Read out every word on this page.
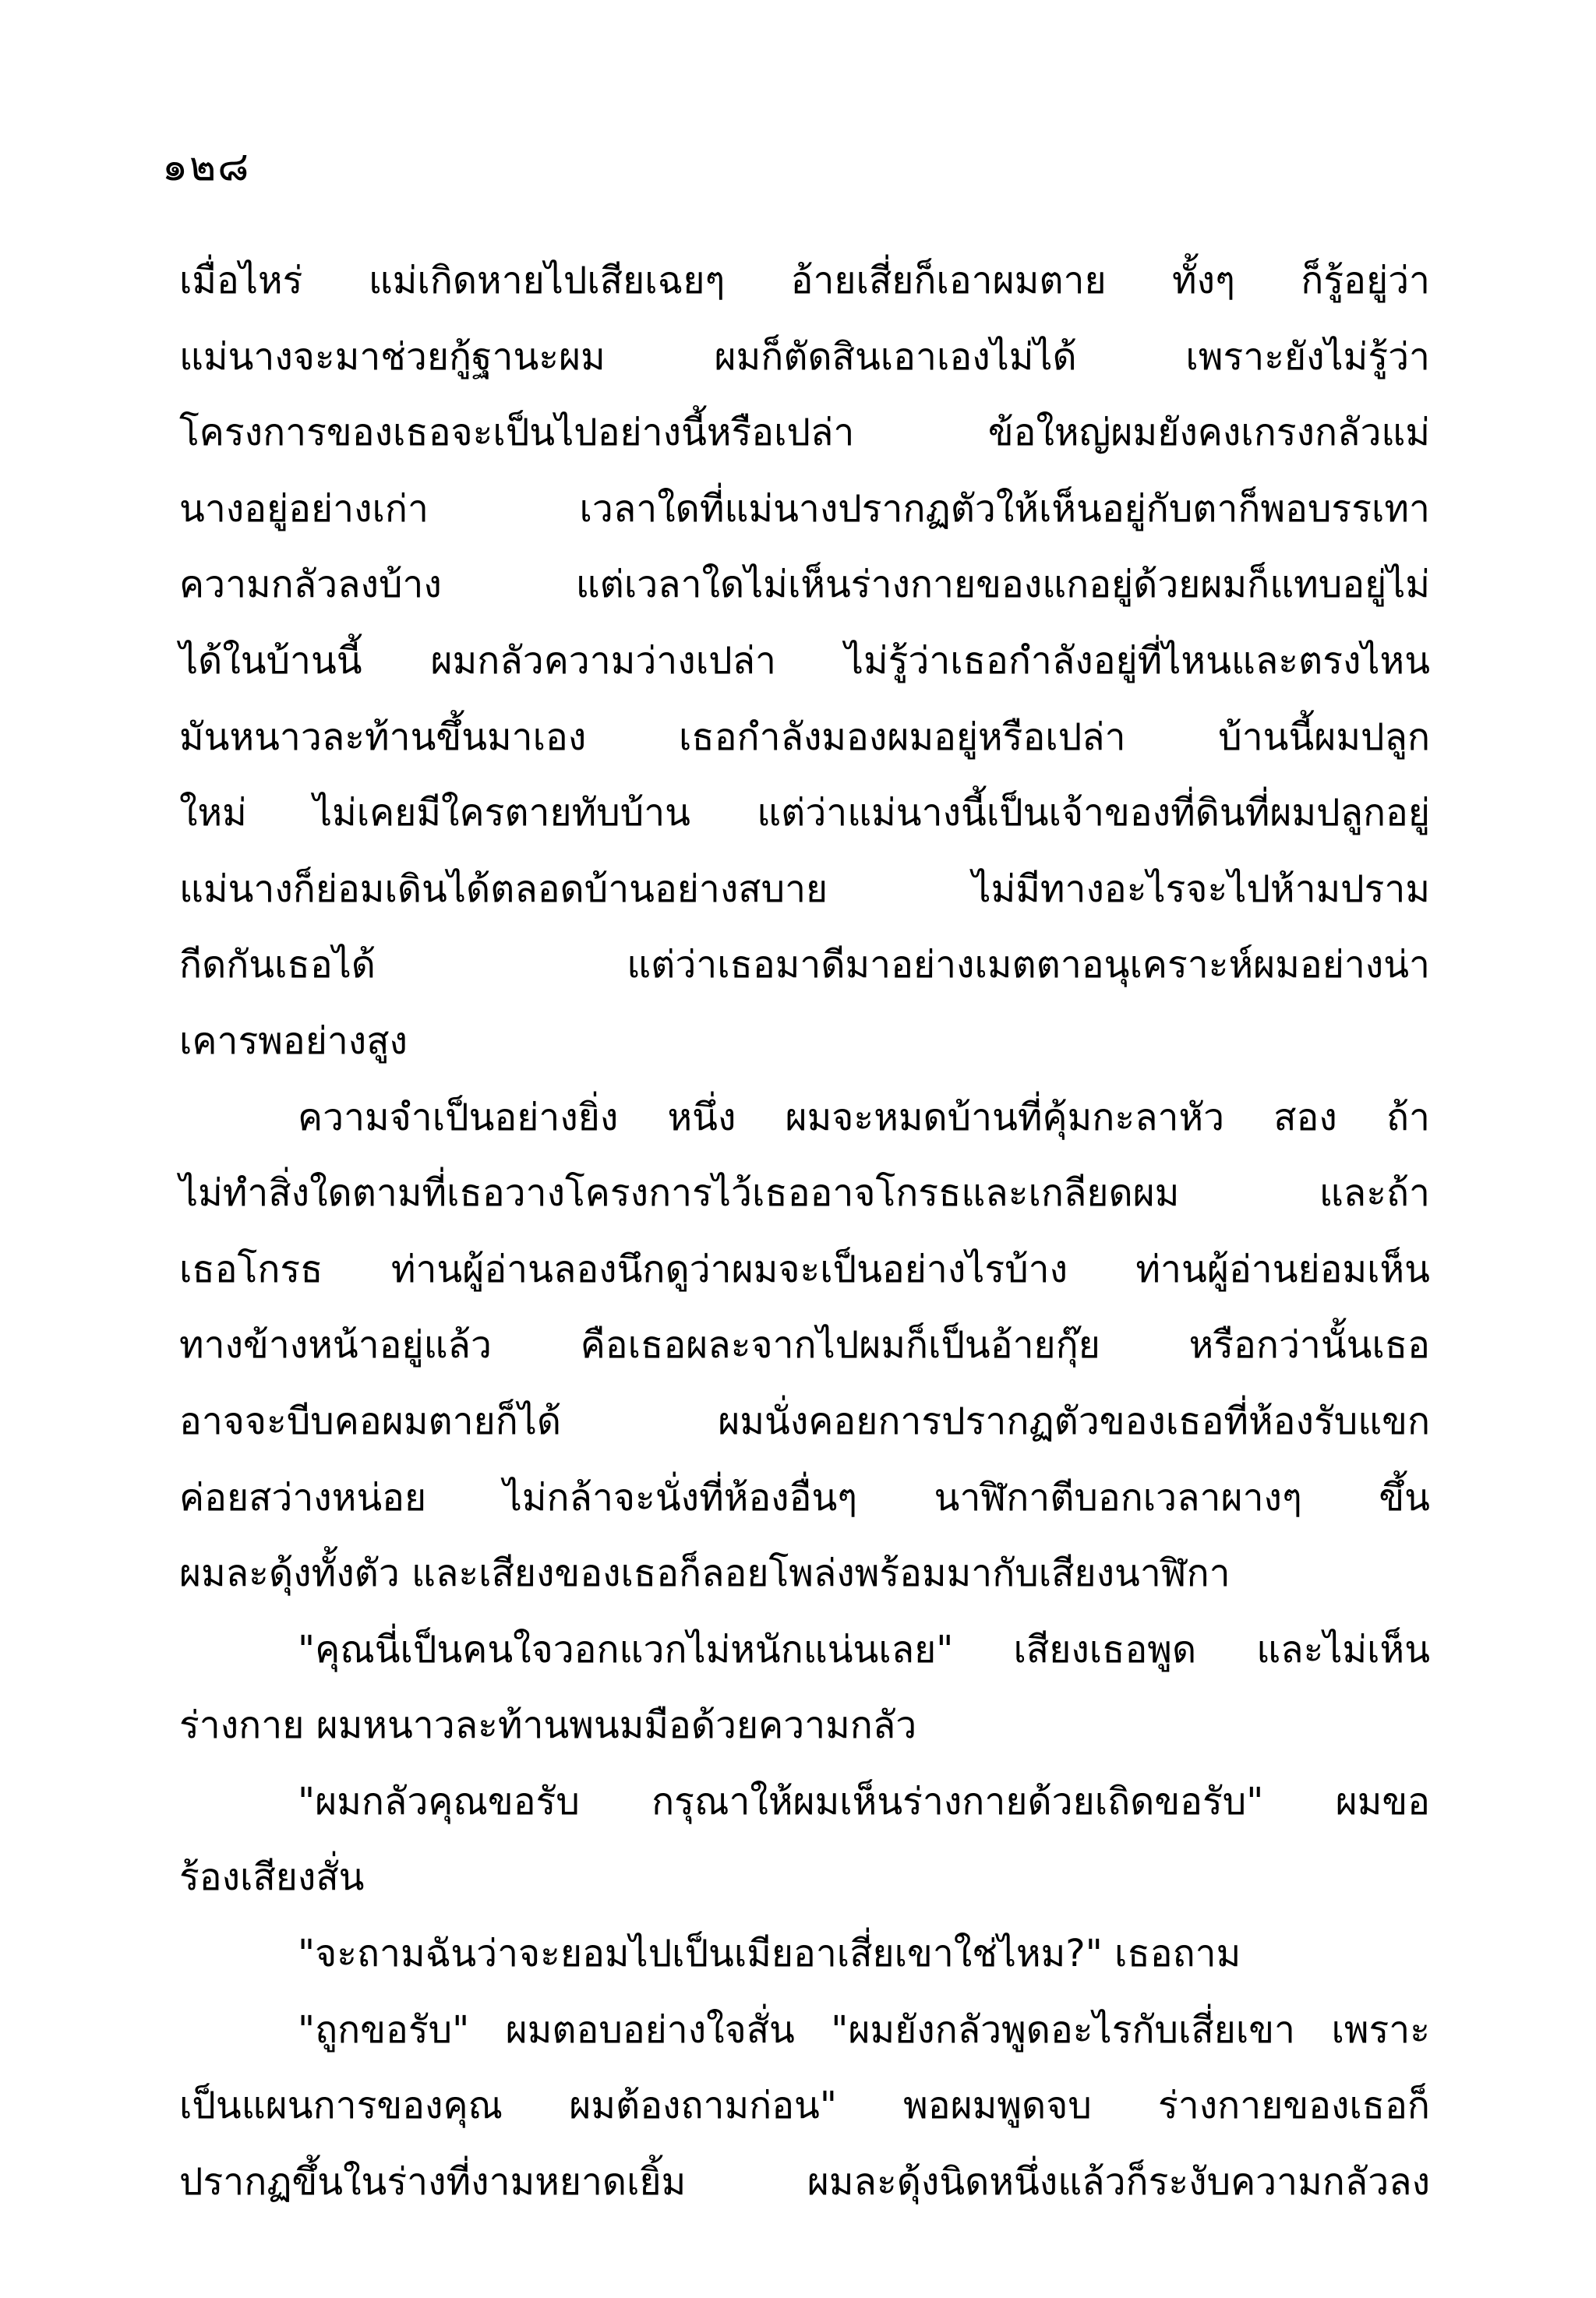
๑๒๘
เมื่อไหร่ แม่เกิดหายไปเสียเฉยๆ อ้ายเสี่ยก็เอาผมตาย ทั้งๆ ก็รู้อยู่ว่า
แม่นางจะมาช่วยกู้ฐานะผม ผมก็ตัดสินเอาเองไม่ได้ เพราะยังไม่รู้ว่า
โครงการของเธอจะเป็นไปอย่างนี้หรือเปล่า ข้อใหญ่ผมยังคงเกรงกลัวแม่
นางอยู่อย่างเก่า เวลาใดที่แม่นางปรากฏตัวให้เห็นอยู่กับตาก็พอบรรเทา
ความกลัวลงบ้าง แต่เวลาใดไม่เห็นร่างกายของแกอยู่ด้วยผมก็แทบอยู่ไม่
ได้ในบ้านนี้ ผมกลัวความว่างเปล่า ไม่รู้ว่าเธอกำลังอยู่ที่ไหนและตรงไหน
มันหนาวละท้านขึ้นมาเอง เธอกำลังมองผมอยู่หรือเปล่า บ้านนี้ผมปลูก
ใหม่ ไม่เคยมีใครตายทับบ้าน แต่ว่าแม่นางนี้เป็นเจ้าของที่ดินที่ผมปลูกอยู่
แม่นางก็ย่อมเดินได้ตลอดบ้านอย่างสบาย ไม่มีทางอะไรจะไปห้ามปราม
กีดกันเธอได้ แต่ว่าเธอมาดีมาอย่างเมตตาอนุเคราะห์ผมอย่างน่า
เคารพอย่างสูง
ความจำเป็นอย่างยิ่ง หนึ่ง ผมจะหมดบ้านที่คุ้มกะลาหัว สอง ถ้า
ไม่ทำสิ่งใดตามที่เธอวางโครงการไว้เธออาจโกรธและเกลียดผม และถ้า
เธอโกรธ ท่านผู้อ่านลองนึกดูว่าผมจะเป็นอย่างไรบ้าง ท่านผู้อ่านย่อมเห็น
ทางข้างหน้าอยู่แล้ว คือเธอผละจากไปผมก็เป็นอ้ายกุ๊ย หรือกว่านั้นเธอ
อาจจะบีบคอผมตายก็ได้ ผมนั่งคอยการปรากฏตัวของเธอที่ห้องรับแขก
ค่อยสว่างหน่อย ไม่กล้าจะนั่งที่ห้องอื่นๆ นาฬิกาตีบอกเวลาผางๆ ขึ้น
ผมละดุ้งทั้งตัว และเสียงของเธอก็ลอยโพล่งพร้อมมากับเสียงนาฬิกา
"คุณนี่เป็นคนใจวอกแวกไม่หนักแน่นเลย" เสียงเธอพูด และไม่เห็น
ร่างกาย ผมหนาวละท้านพนมมือด้วยความกลัว
"ผมกลัวคุณขอรับ กรุณาให้ผมเห็นร่างกายด้วยเถิดขอรับ" ผมขอ
ร้องเสียงสั่น
"จะถามฉันว่าจะยอมไปเป็นเมียอาเสี่ยเขาใช่ไหม?" เธอถาม
"ถูกขอรับ" ผมตอบอย่างใจสั่น "ผมยังกลัวพูดอะไรกับเสี่ยเขา เพราะ
เป็นแผนการของคุณ ผมต้องถามก่อน" พอผมพูดจบ ร่างกายของเธอก็
ปรากฏขึ้นในร่างที่งามหยาดเยิ้ม ผมละดุ้งนิดหนึ่งแล้วก็ระงับความกลัวลง
